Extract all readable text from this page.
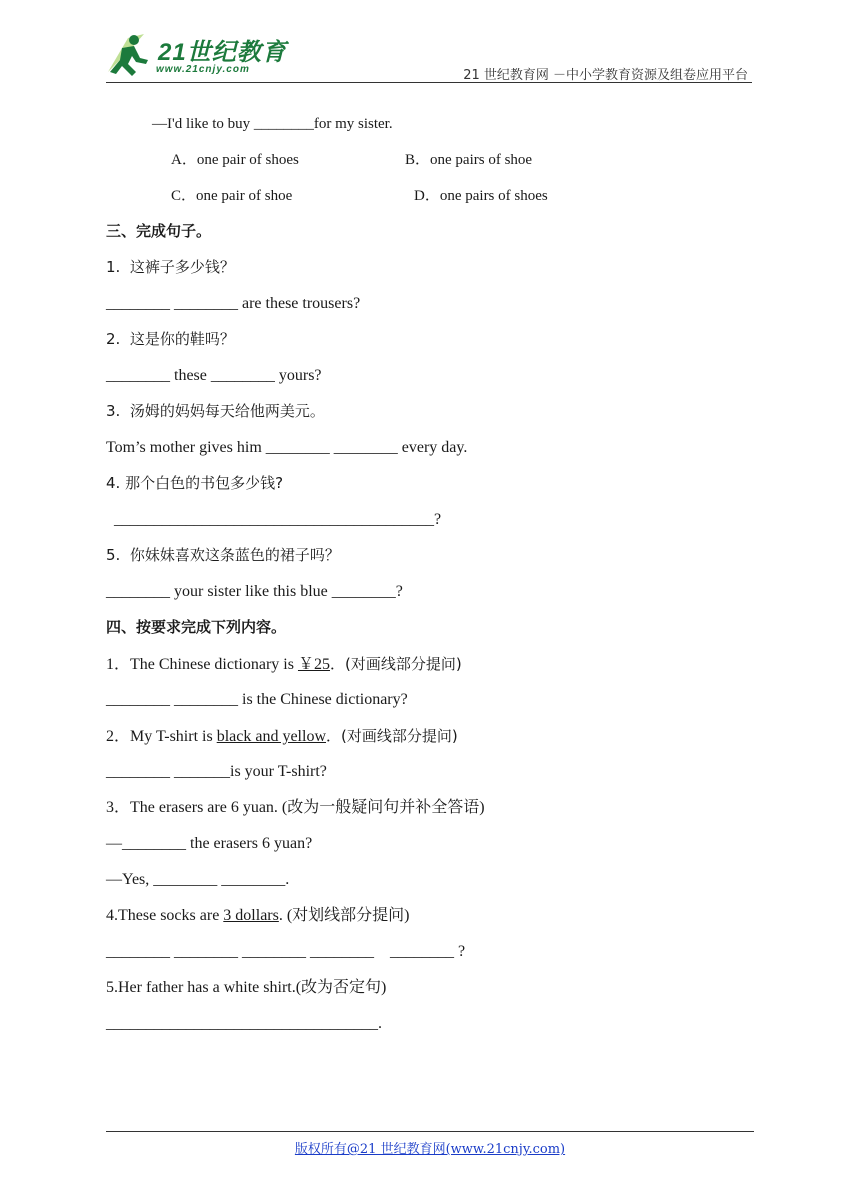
21世纪教育
www.21cnjy.com	21 世纪教育网 －中小学教育资源及组卷应用平台
—I'd like to buy ________for my sister.
A．one pair of shoes	B．one pairs of shoe
C．one pair of shoe	D．one pairs of shoes
三、完成句子。
1.  这裤子多少钱？
________ ________ are these trousers?
2.  这是你的鞋吗？
________ these ________ yours?
3.  汤姆的妈妈每天给他两美元。
Tom’s mother gives him ________ ________ every day.
4. 那个白色的书包多少钱?
________________________________________?
5.  你妹妹喜欢这条蓝色的裙子吗？
________ your sister like this blue ________?
四、按要求完成下列内容。
1．The Chinese dictionary is ￥25．(对画线部分提问)
________ ________ is the Chinese dictionary?
2．My T-shirt is black and yellow．(对画线部分提问)
________ _______is your T-shirt?
3．The erasers are 6 yuan. (改为一般疑问句并补全答语)
—________ the erasers 6 yuan?
—Yes, ________ ________.
4.These socks are 3 dollars. (对划线部分提问)
________ ________ ________ ________    ________ ?
5.Her father has a white shirt.(改为否定句)
__________________________________.
版权所有@21 世纪教育网(www.21cnjy.com)
